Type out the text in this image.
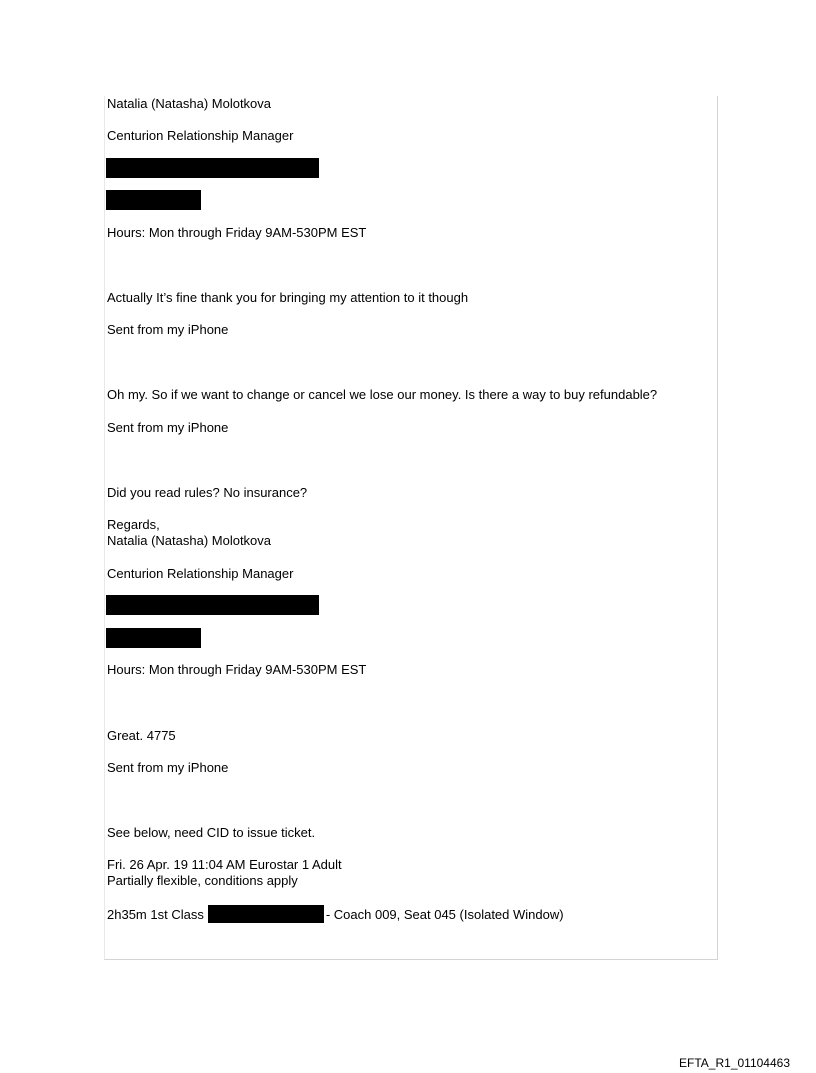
Natalia (Natasha) Molotkova
Centurion Relationship Manager
Hours: Mon through Friday 9AM-530PM EST
Actually It’s fine thank you for bringing my attention to it though
Sent from my iPhone
Oh my. So if we want to change or cancel we lose our money. Is there a way to buy refundable?
Sent from my iPhone
Did you read rules? No insurance?
Regards,
Natalia (Natasha) Molotkova
Centurion Relationship Manager
Hours: Mon through Friday 9AM-530PM EST
Great. 4775
Sent from my iPhone
See below, need CID to issue ticket.
Fri. 26 Apr. 19 11:04 AM Eurostar 1 Adult
Partially flexible, conditions apply
2h35m 1st Class	- Coach 009, Seat 045 (Isolated Window)
EFTA_R1_01104463
